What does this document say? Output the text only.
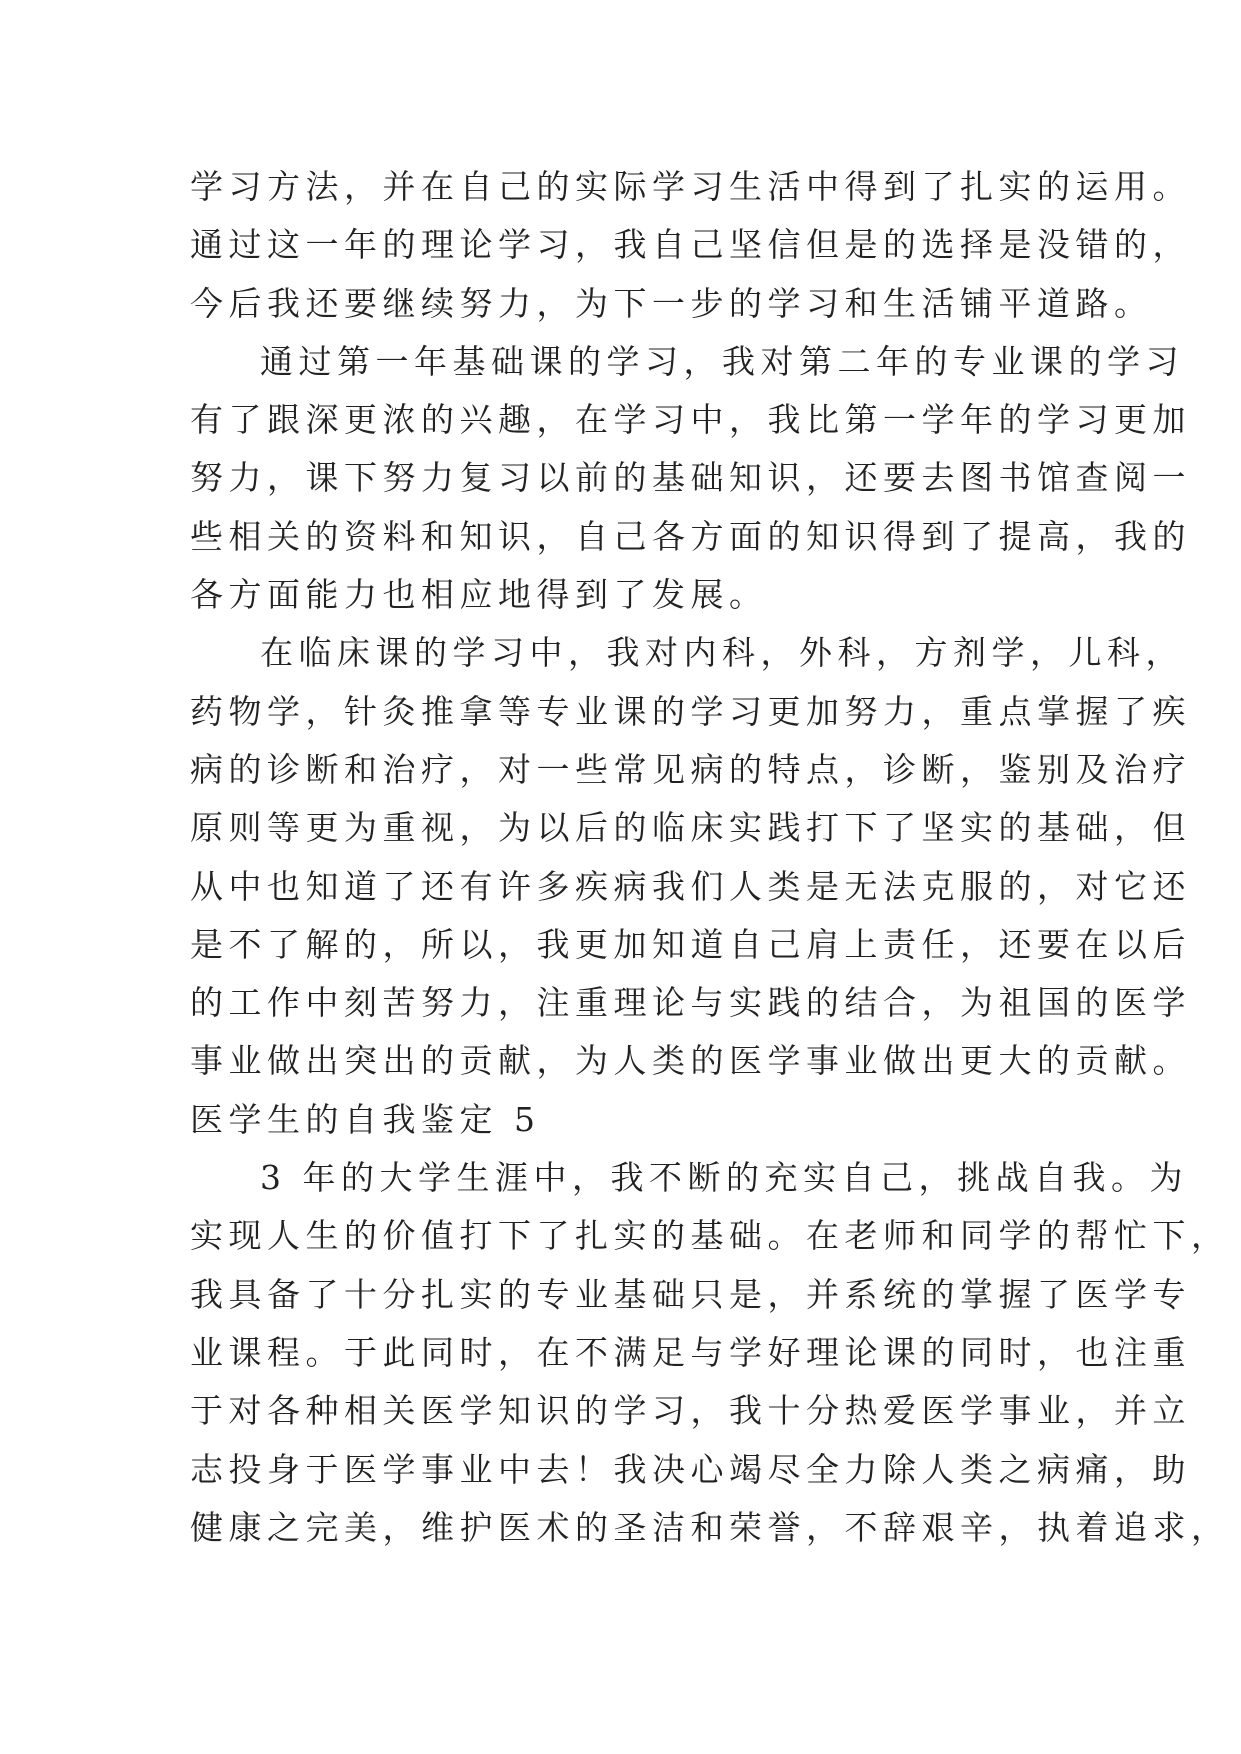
学习方法，并在自己的实际学习生活中得到了扎实的运用。
通过这一年的理论学习，我自己坚信但是的选择是没错的，
今后我还要继续努力，为下一步的学习和生活铺平道路。
通过第一年基础课的学习，我对第二年的专业课的学习
有了跟深更浓的兴趣，在学习中，我比第一学年的学习更加
努力，课下努力复习以前的基础知识，还要去图书馆查阅一
些相关的资料和知识，自己各方面的知识得到了提高，我的
各方面能力也相应地得到了发展。
在临床课的学习中，我对内科，外科，方剂学，儿科，
药物学，针灸推拿等专业课的学习更加努力，重点掌握了疾
病的诊断和治疗，对一些常见病的特点，诊断，鉴别及治疗
原则等更为重视，为以后的临床实践打下了坚实的基础，但
从中也知道了还有许多疾病我们人类是无法克服的，对它还
是不了解的，所以，我更加知道自己肩上责任，还要在以后
的工作中刻苦努力，注重理论与实践的结合，为祖国的医学
事业做出突出的贡献，为人类的医学事业做出更大的贡献。
医学生的自我鉴定 5
3 年的大学生涯中，我不断的充实自己，挑战自我。为
实现人生的价值打下了扎实的基础。在老师和同学的帮忙下，
我具备了十分扎实的专业基础只是，并系统的掌握了医学专
业课程。于此同时，在不满足与学好理论课的同时，也注重
于对各种相关医学知识的学习，我十分热爱医学事业，并立
志投身于医学事业中去！我决心竭尽全力除人类之病痛，助
健康之完美，维护医术的圣洁和荣誉，不辞艰辛，执着追求，
